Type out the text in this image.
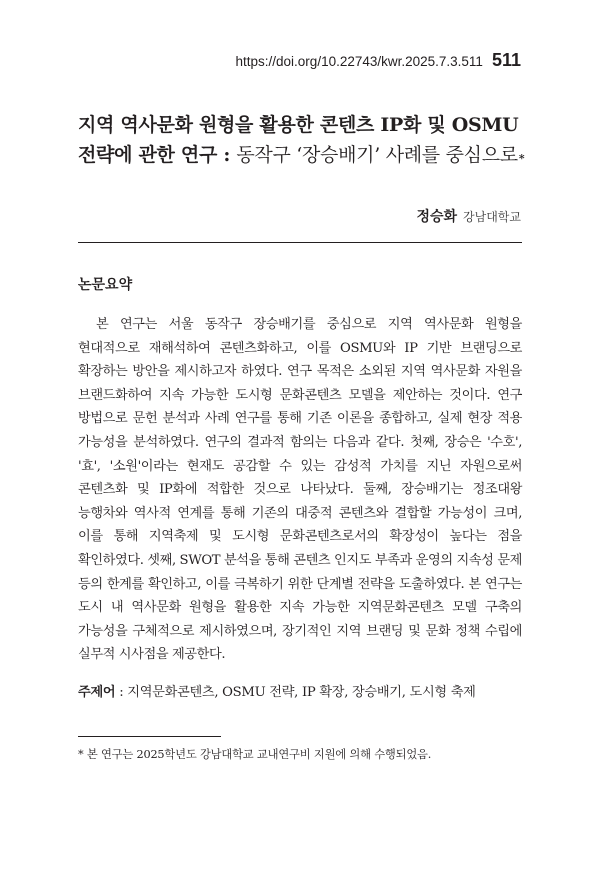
https://doi.org/10.22743/kwr.2025.7.3.511 511
지역 역사문화 원형을 활용한 콘텐츠 IP화 및 OSMU
전략에 관한 연구 : 동작구 ‘장승배기’ 사례를 중심으로*
정승화 강남대학교
논문요약

본 연구는 서울 동작구 장승배기를 중심으로 지역 역사문화 원형을 현대적으로 재해석하여 콘텐츠화하고, 이를 OSMU와 IP 기반 브랜딩으로 확장하는 방안을 제시하고자 하였다. 연구 목적은 소외된 지역 역사문화 자원을 브랜드화하여 지속 가능한 도시형 문화콘텐츠 모델을 제안하는 것이다. 연구 방법으로 문헌 분석과 사례 연구를 통해 기존 이론을 종합하고, 실제 현장 적용 가능성을 분석하였다. 연구의 결과적 함의는 다음과 같다. 첫째, 장승은 '수호', '효', '소원'이라는 현재도 공감할 수 있는 감성적 가치를 지닌 자원으로써 콘텐츠화 및 IP화에 적합한 것으로 나타났다. 둘째, 장승배기는 정조대왕 능행차와 역사적 연계를 통해 기존의 대중적 콘텐츠와 결합할 가능성이 크며, 이를 통해 지역축제 및 도시형 문화콘텐츠로서의 확장성이 높다는 점을 확인하였다. 셋째, SWOT 분석을 통해 콘텐츠 인지도 부족과 운영의 지속성 문제 등의 한계를 확인하고, 이를 극복하기 위한 단계별 전략을 도출하였다. 본 연구는 도시 내 역사문화 원형을 활용한 지속 가능한 지역문화콘텐츠 모델 구축의 가능성을 구체적으로 제시하였으며, 장기적인 지역 브랜딩 및 문화 정책 수립에 실무적 시사점을 제공한다.

주제어 : 지역문화콘텐츠, OSMU 전략, IP 확장, 장승배기, 도시형 축제
* 본 연구는 2025학년도 강남대학교 교내연구비 지원에 의해 수행되었음.
